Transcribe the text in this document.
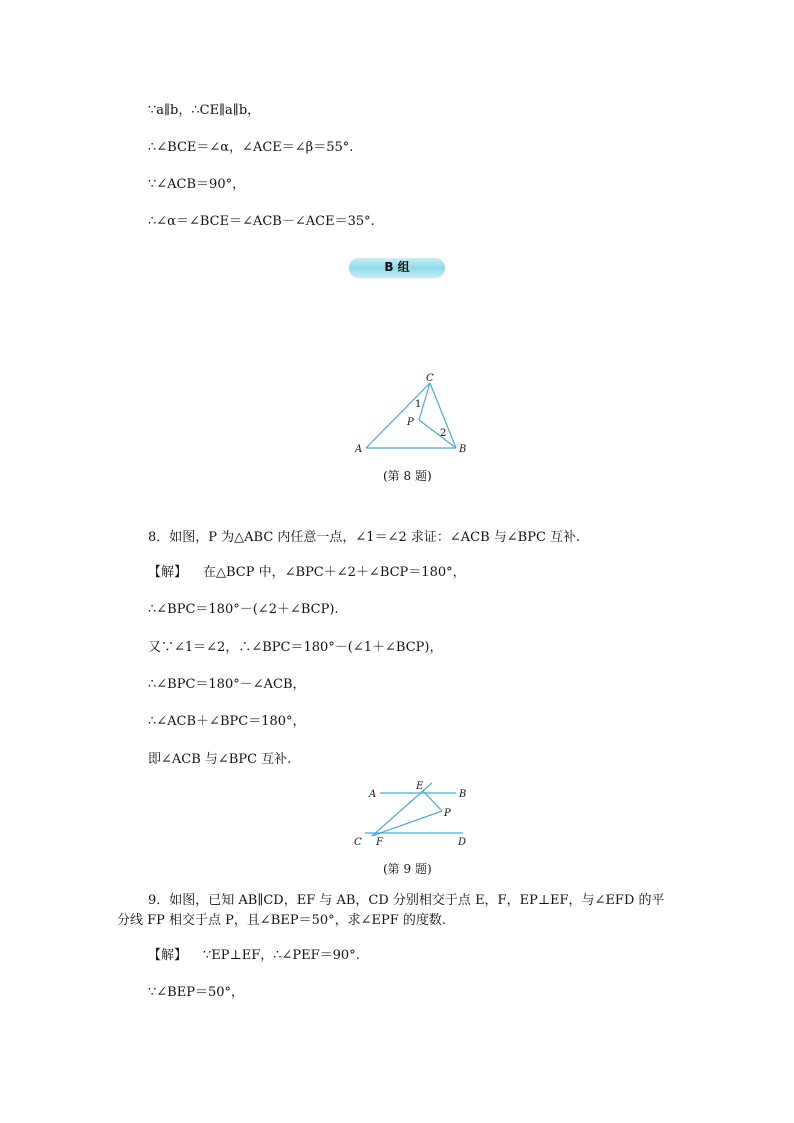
∵a∥b，∴CE∥a∥b，
∴∠BCE＝∠α，∠ACE＝∠β＝55°.
∵∠ACB＝90°，
∴∠α＝∠BCE＝∠ACB－∠ACE＝35°.
B 组
C
A	B
P
1
2
(第 8 题)
8．如图，P 为△ABC 内任意一点，∠1＝∠2 求证：∠ACB 与∠BPC 互补.
【解】 在△BCP 中，∠BPC＋∠2＋∠BCP＝180°，
∴∠BPC＝180°－(∠2＋∠BCP).
又∵∠1＝∠2，∴∠BPC＝180°－(∠1＋∠BCP)，
∴∠BPC＝180°－∠ACB，
∴∠ACB＋∠BPC＝180°，
即∠ACB 与∠BPC 互补.
A	B
C	D
E
F
P
(第 9 题)
9．如图，已知 AB∥CD，EF 与 AB，CD 分别相交于点 E，F，EP⊥EF，与∠EFD 的平
分线 FP 相交于点 P，且∠BEP＝50°，求∠EPF 的度数.
【解】 ∵EP⊥EF，∴∠PEF＝90°.
∵∠BEP＝50°，
